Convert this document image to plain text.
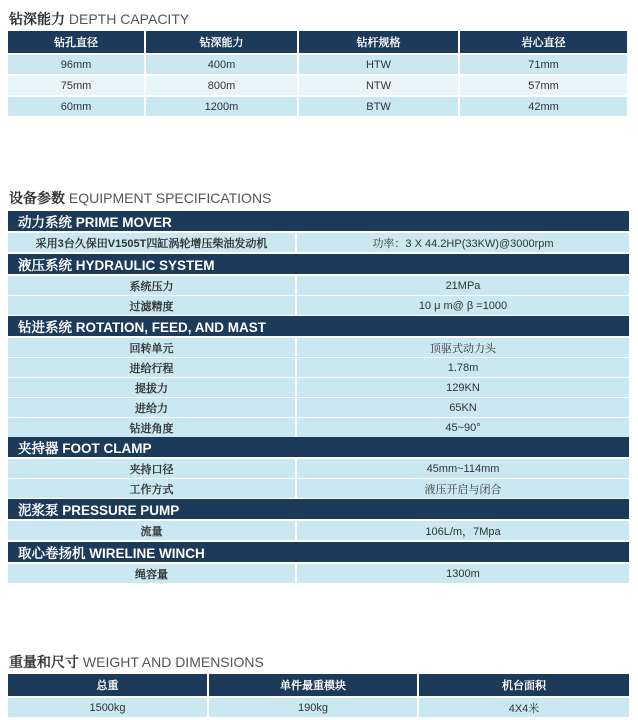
钻深能力 DEPTH CAPACITY
钻孔直径	钻深能力	钻杆规格	岩心直径
96mm	400m	HTW	71mm
75mm	800m	NTW	57mm
60mm	1200m	BTW	42mm
设备参数 EQUIPMENT SPECIFICATIONS
动力系统 PRIME MOVER
采用3台久保田V1505T四缸涡轮增压柴油发动机	功率：3 X 44.2HP(33KW)@3000rpm
液压系统 HYDRAULIC SYSTEM
系统压力	21MPa
过滤精度	10 μ m@ β =1000
钻进系统 ROTATION, FEED, AND MAST
回转单元	顶驱式动力头
进给行程	1.78m
提拔力	129KN
进给力	65KN
钻进角度	45~90°
夹持器 FOOT CLAMP
夹持口径	45mm~114mm
工作方式	液压开启与闭合
泥浆泵 PRESSURE PUMP
流量	106L/m，7Mpa
取心卷扬机 WIRELINE WINCH
绳容量	1300m
重量和尺寸 WEIGHT AND DIMENSIONS
总重	单件最重模块	机台面积
1500kg	190kg	4X4米
